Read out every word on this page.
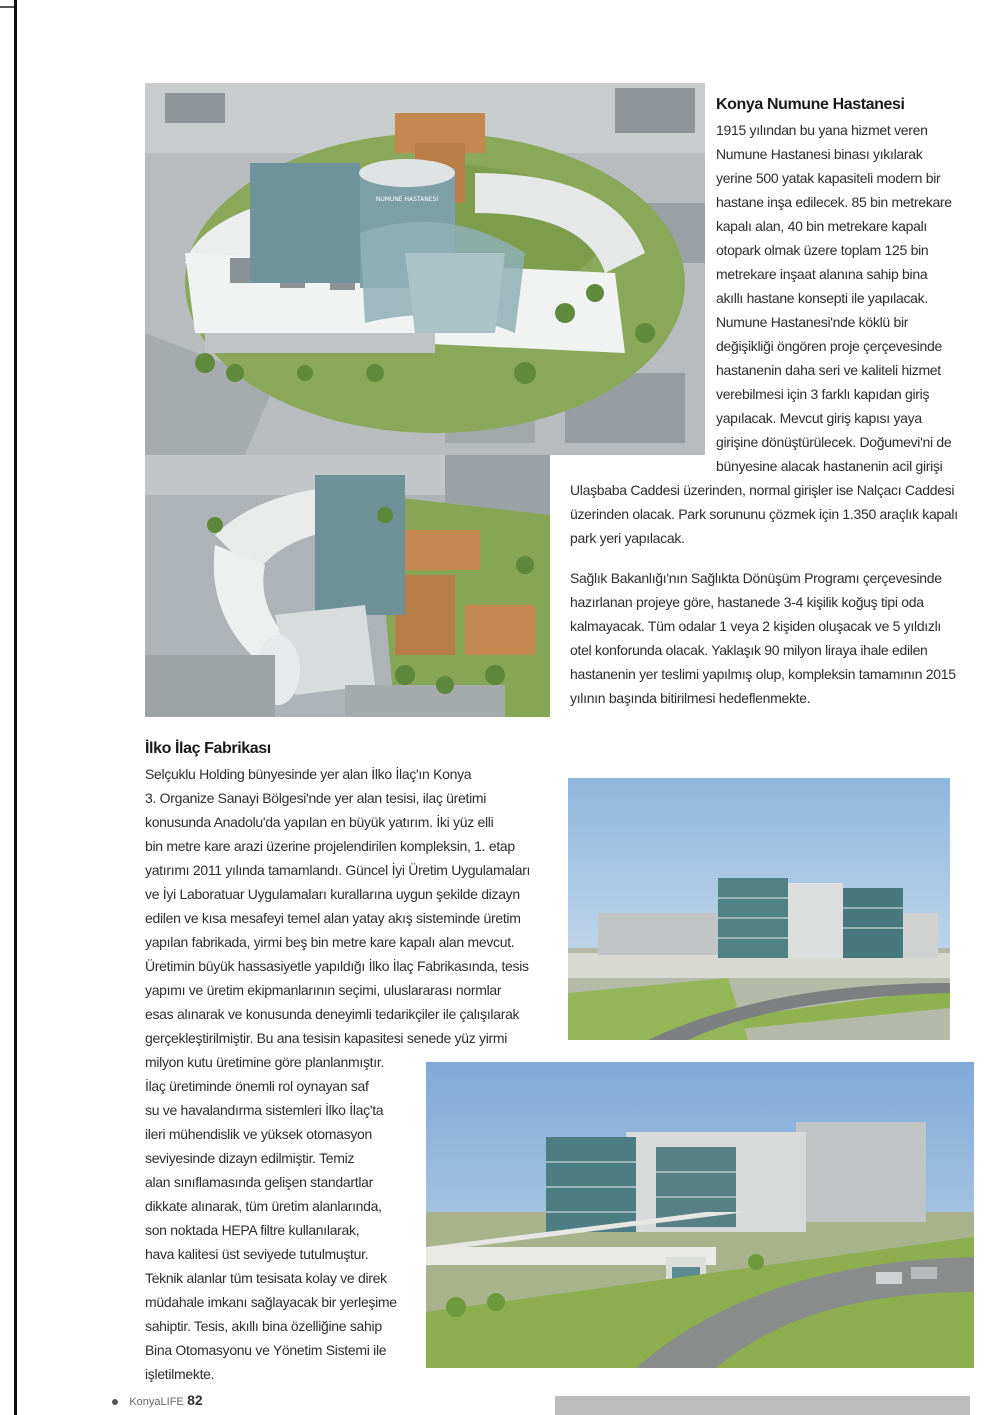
NUMUNE HASTANESİ
Konya Numune Hastanesi
1915 yılından bu yana hizmet veren
Numune Hastanesi binası yıkılarak
yerine 500 yatak kapasiteli modern bir
hastane inşa edilecek. 85 bin metrekare
kapalı alan, 40 bin metrekare kapalı
otopark olmak üzere toplam 125 bin
metrekare inşaat alanına sahip bina
akıllı hastane konsepti ile yapılacak.
Numune Hastanesi'nde köklü bir
değişikliği öngören proje çerçevesinde
hastanenin daha seri ve kaliteli hizmet
verebilmesi için 3 farklı kapıdan giriş
yapılacak. Mevcut giriş kapısı yaya
girişine dönüştürülecek. Doğumevi'ni de
bünyesine alacak hastanenin acil girişi
Ulaşbaba Caddesi üzerinden, normal girişler ise Nalçacı Caddesi
üzerinden olacak. Park sorununu çözmek için 1.350 araçlık kapalı
park yeri yapılacak.
Sağlık Bakanlığı'nın Sağlıkta Dönüşüm Programı çerçevesinde
hazırlanan projeye göre, hastanede 3-4 kişilik koğuş tipi oda
kalmayacak. Tüm odalar 1 veya 2 kişiden oluşacak ve 5 yıldızlı
otel konforunda olacak. Yaklaşık 90 milyon liraya ihale edilen
hastanenin yer teslimi yapılmış olup, kompleksin tamamının 2015
yılının başında bitirilmesi hedeflenmekte.
İlko İlaç Fabrikası
Selçuklu Holding bünyesinde yer alan İlko İlaç'ın Konya
3. Organize Sanayi Bölgesi'nde yer alan tesisi, ilaç üretimi
konusunda Anadolu'da yapılan en büyük yatırım. İki yüz elli
bin metre kare arazi üzerine projelendirilen kompleksin, 1. etap
yatırımı 2011 yılında tamamlandı. Güncel İyi Üretim Uygulamaları
ve İyi Laboratuar Uygulamaları kurallarına uygun şekilde dizayn
edilen ve kısa mesafeyi temel alan yatay akış sisteminde üretim
yapılan fabrikada, yirmi beş bin metre kare kapalı alan mevcut.
Üretimin büyük hassasiyetle yapıldığı İlko İlaç Fabrikasında, tesis
yapımı ve üretim ekipmanlarının seçimi, uluslararası normlar
esas alınarak ve konusunda deneyimli tedarikçiler ile çalışılarak
gerçekleştirilmiştir. Bu ana tesisin kapasitesi senede yüz yirmi
milyon kutu üretimine göre planlanmıştır.
İlaç üretiminde önemli rol oynayan saf
su ve havalandırma sistemleri İlko İlaç'ta
ileri mühendislik ve yüksek otomasyon
seviyesinde dizayn edilmiştir. Temiz
alan sınıflamasında gelişen standartlar
dikkate alınarak, tüm üretim alanlarında,
son noktada HEPA filtre kullanılarak,
hava kalitesi üst seviyede tutulmuştur.
Teknik alanlar tüm tesisata kolay ve direk
müdahale imkanı sağlayacak bir yerleşime
sahiptir. Tesis, akıllı bina özelliğine sahip
Bina Otomasyonu ve Yönetim Sistemi ile
işletilmekte.
KonyaLIFE 82
